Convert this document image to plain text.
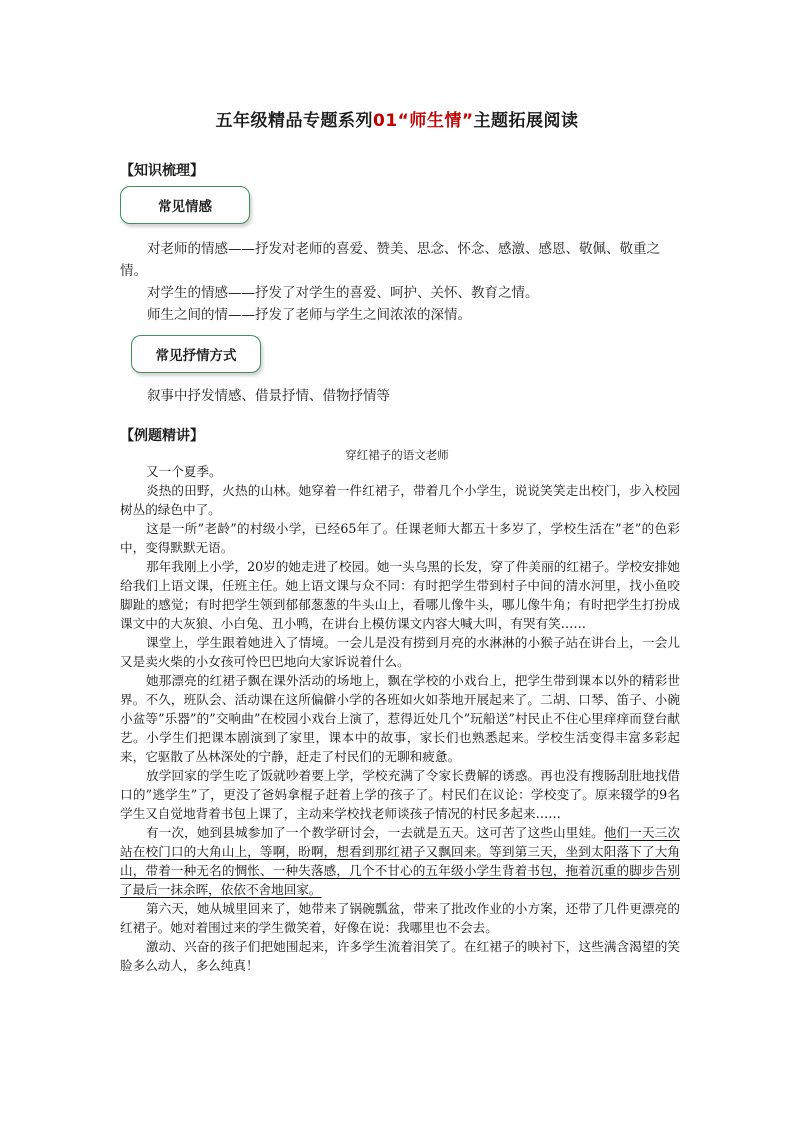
五年级精品专题系列01“师生情”主题拓展阅读
【知识梳理】
常见情感
对老师的情感——抒发对老师的喜爱、赞美、思念、怀念、感激、感恩、敬佩、敬重之情。
对学生的情感——抒发了对学生的喜爱、呵护、关怀、教育之情。
师生之间的情——抒发了老师与学生之间浓浓的深情。
常见抒情方式
叙事中抒发情感、借景抒情、借物抒情等
【例题精讲】
穿红裙子的语文老师

又一个夏季。

炎热的田野，火热的山林。她穿着一件红裙子，带着几个小学生，说说笑笑走出校门，步入校园树丛的绿色中了。

这是一所”老龄”的村级小学，已经65年了。任课老师大都五十多岁了，学校生活在”老”的色彩中，变得默默无语。

那年我刚上小学，20岁的她走进了校园。她一头乌黑的长发，穿了件美丽的红裙子。学校安排她给我们上语文课，任班主任。她上语文课与众不同：有时把学生带到村子中间的清水河里，找小鱼咬脚趾的感觉；有时把学生领到郁郁葱葱的牛头山上，看哪儿像牛头，哪儿像牛角；有时把学生打扮成课文中的大灰狼、小白兔、丑小鸭，在讲台上模仿课文内容大喊大叫，有哭有笑……

课堂上，学生跟着她进入了情境。一会儿是没有捞到月亮的水淋淋的小猴子站在讲台上，一会儿又是卖火柴的小女孩可怜巴巴地向大家诉说着什么。

她那漂亮的红裙子飘在课外活动的场地上，飘在学校的小戏台上，把学生带到课本以外的精彩世界。不久，班队会、活动课在这所偏僻小学的各班如火如荼地开展起来了。二胡、口琴、笛子、小碗小盆等”乐器”的”交响曲”在校园小戏台上演了，惹得近处几个”玩船送”村民止不住心里痒痒而登台献艺。小学生们把课本剧演到了家里，课本中的故事，家长们也熟悉起来。学校生活变得丰富多彩起来，它驱散了丛林深处的宁静，赶走了村民们的无聊和疲惫。

放学回家的学生吃了饭就吵着要上学，学校充满了令家长费解的诱惑。再也没有搜肠刮肚地找借口的”逃学生”了，更没了爸妈拿棍子赶着上学的孩子了。村民们在议论：学校变了。原来辍学的9名学生又自觉地背着书包上课了，主动来学校找老师谈孩子情况的村民多起来……

有一次，她到县城参加了一个教学研讨会，一去就是五天。这可苦了这些山里娃。他们一天三次站在校门口的大角山上，等啊，盼啊，想看到那红裙子又飘回来。等到第三天，坐到太阳落下了大角山，带着一种无名的惆怅、一种失落感，几个不甘心的五年级小学生背着书包，拖着沉重的脚步告别了最后一抹余晖，依依不舍地回家。

第六天，她从城里回来了，她带来了锅碗瓢盆，带来了批改作业的小方案，还带了几件更漂亮的红裙子。她对着围过来的学生微笑着，好像在说：我哪里也不会去。

激动、兴奋的孩子们把她围起来，许多学生流着泪笑了。在红裙子的映衬下，这些满含渴望的笑脸多么动人，多么纯真！
